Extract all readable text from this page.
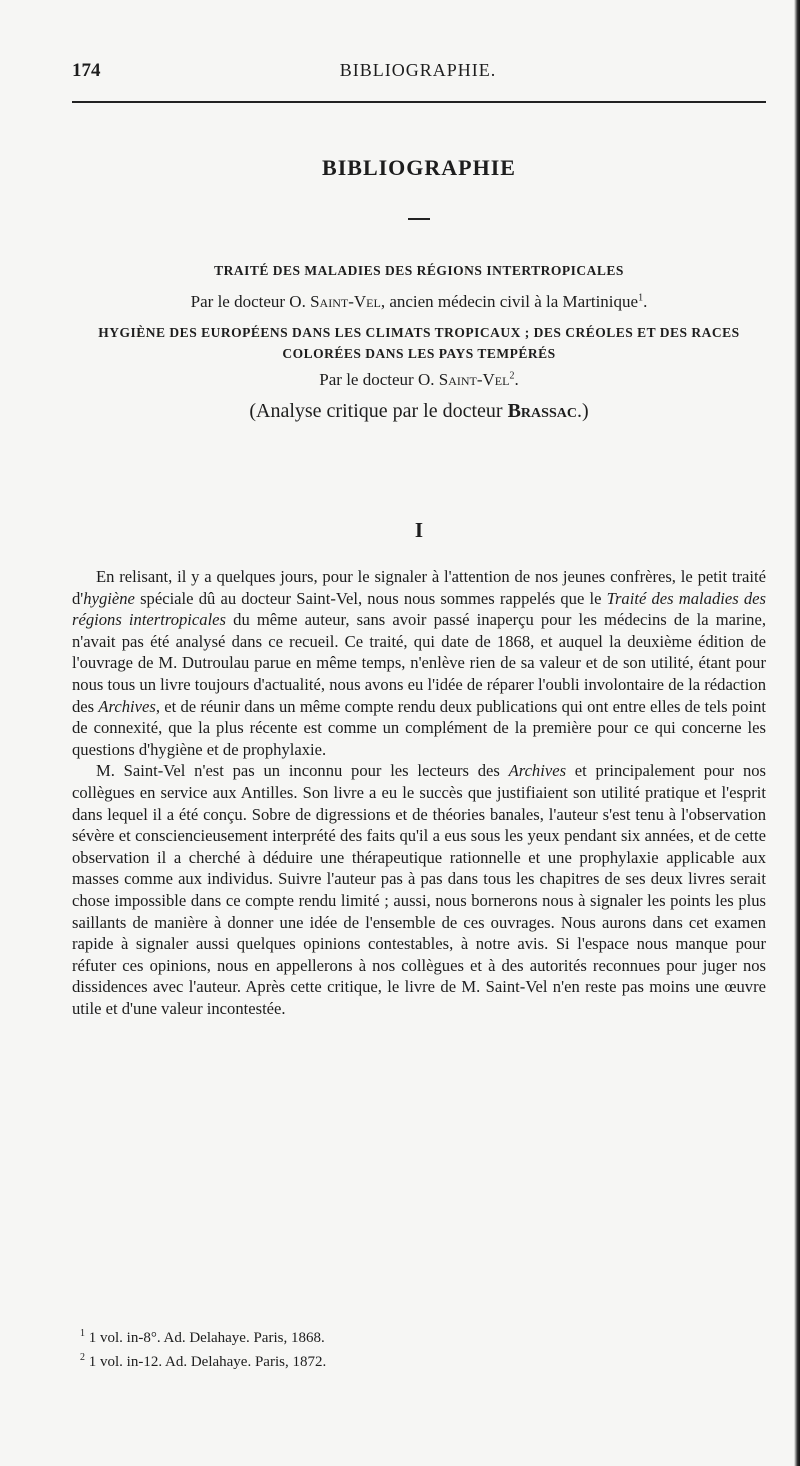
174	BIBLIOGRAPHIE.
BIBLIOGRAPHIE
TRAITÉ DES MALADIES DES RÉGIONS INTERTROPICALES
Par le docteur O. Saint-Vel, ancien médecin civil à la Martinique$^1$.
HYGIÈNE DES EUROPÉENS DANS LES CLIMATS TROPICAUX ; DES CRÉOLES ET DES RACES
COLORÉES DANS LES PAYS TEMPÉRÉS
Par le docteur O. Saint-Vel$^2$.
(Analyse critique par le docteur Brassac.)
I

En relisant, il y a quelques jours, pour le signaler à l'attention de nos jeunes confrères, le petit traité d'hygiène spéciale dû au docteur Saint-Vel, nous nous sommes rappelés que le Traité des maladies des régions intertropicales du même auteur, sans avoir passé inaperçu pour les médecins de la marine, n'avait pas été analysé dans ce recueil. Ce traité, qui date de 1868, et auquel la deuxième édition de l'ouvrage de M. Dutroulau parue en même temps, n'enlève rien de sa valeur et de son utilité, étant pour nous tous un livre toujours d'actualité, nous avons eu l'idée de réparer l'oubli involontaire de la rédaction des Archives, et de réunir dans un même compte rendu deux publications qui ont entre elles de tels point de connexité, que la plus récente est comme un complément de la première pour ce qui concerne les questions d'hygiène et de prophylaxie.

M. Saint-Vel n'est pas un inconnu pour les lecteurs des Archives et principalement pour nos collègues en service aux Antilles. Son livre a eu le succès que justifiaient son utilité pratique et l'esprit dans lequel il a été conçu. Sobre de digressions et de théories banales, l'auteur s'est tenu à l'observation sévère et consciencieusement interprété des faits qu'il a eus sous les yeux pendant six années, et de cette observation il a cherché à déduire une thérapeutique rationnelle et une prophylaxie applicable aux masses comme aux individus. Suivre l'auteur pas à pas dans tous les chapitres de ses deux livres serait chose impossible dans ce compte rendu limité ; aussi, nous bornerons nous à signaler les points les plus saillants de manière à donner une idée de l'ensemble de ces ouvrages. Nous aurons dans cet examen rapide à signaler aussi quelques opinions contestables, à notre avis. Si l'espace nous manque pour réfuter ces opinions, nous en appellerons à nos collègues et à des autorités reconnues pour juger nos dissidences avec l'auteur. Après cette critique, le livre de M. Saint-Vel n'en reste pas moins une œuvre utile et d'une valeur incontestée.

$^1$ 1 vol. in-8°. Ad. Delahaye. Paris, 1868.
$^2$ 1 vol. in-12. Ad. Delahaye. Paris, 1872.
